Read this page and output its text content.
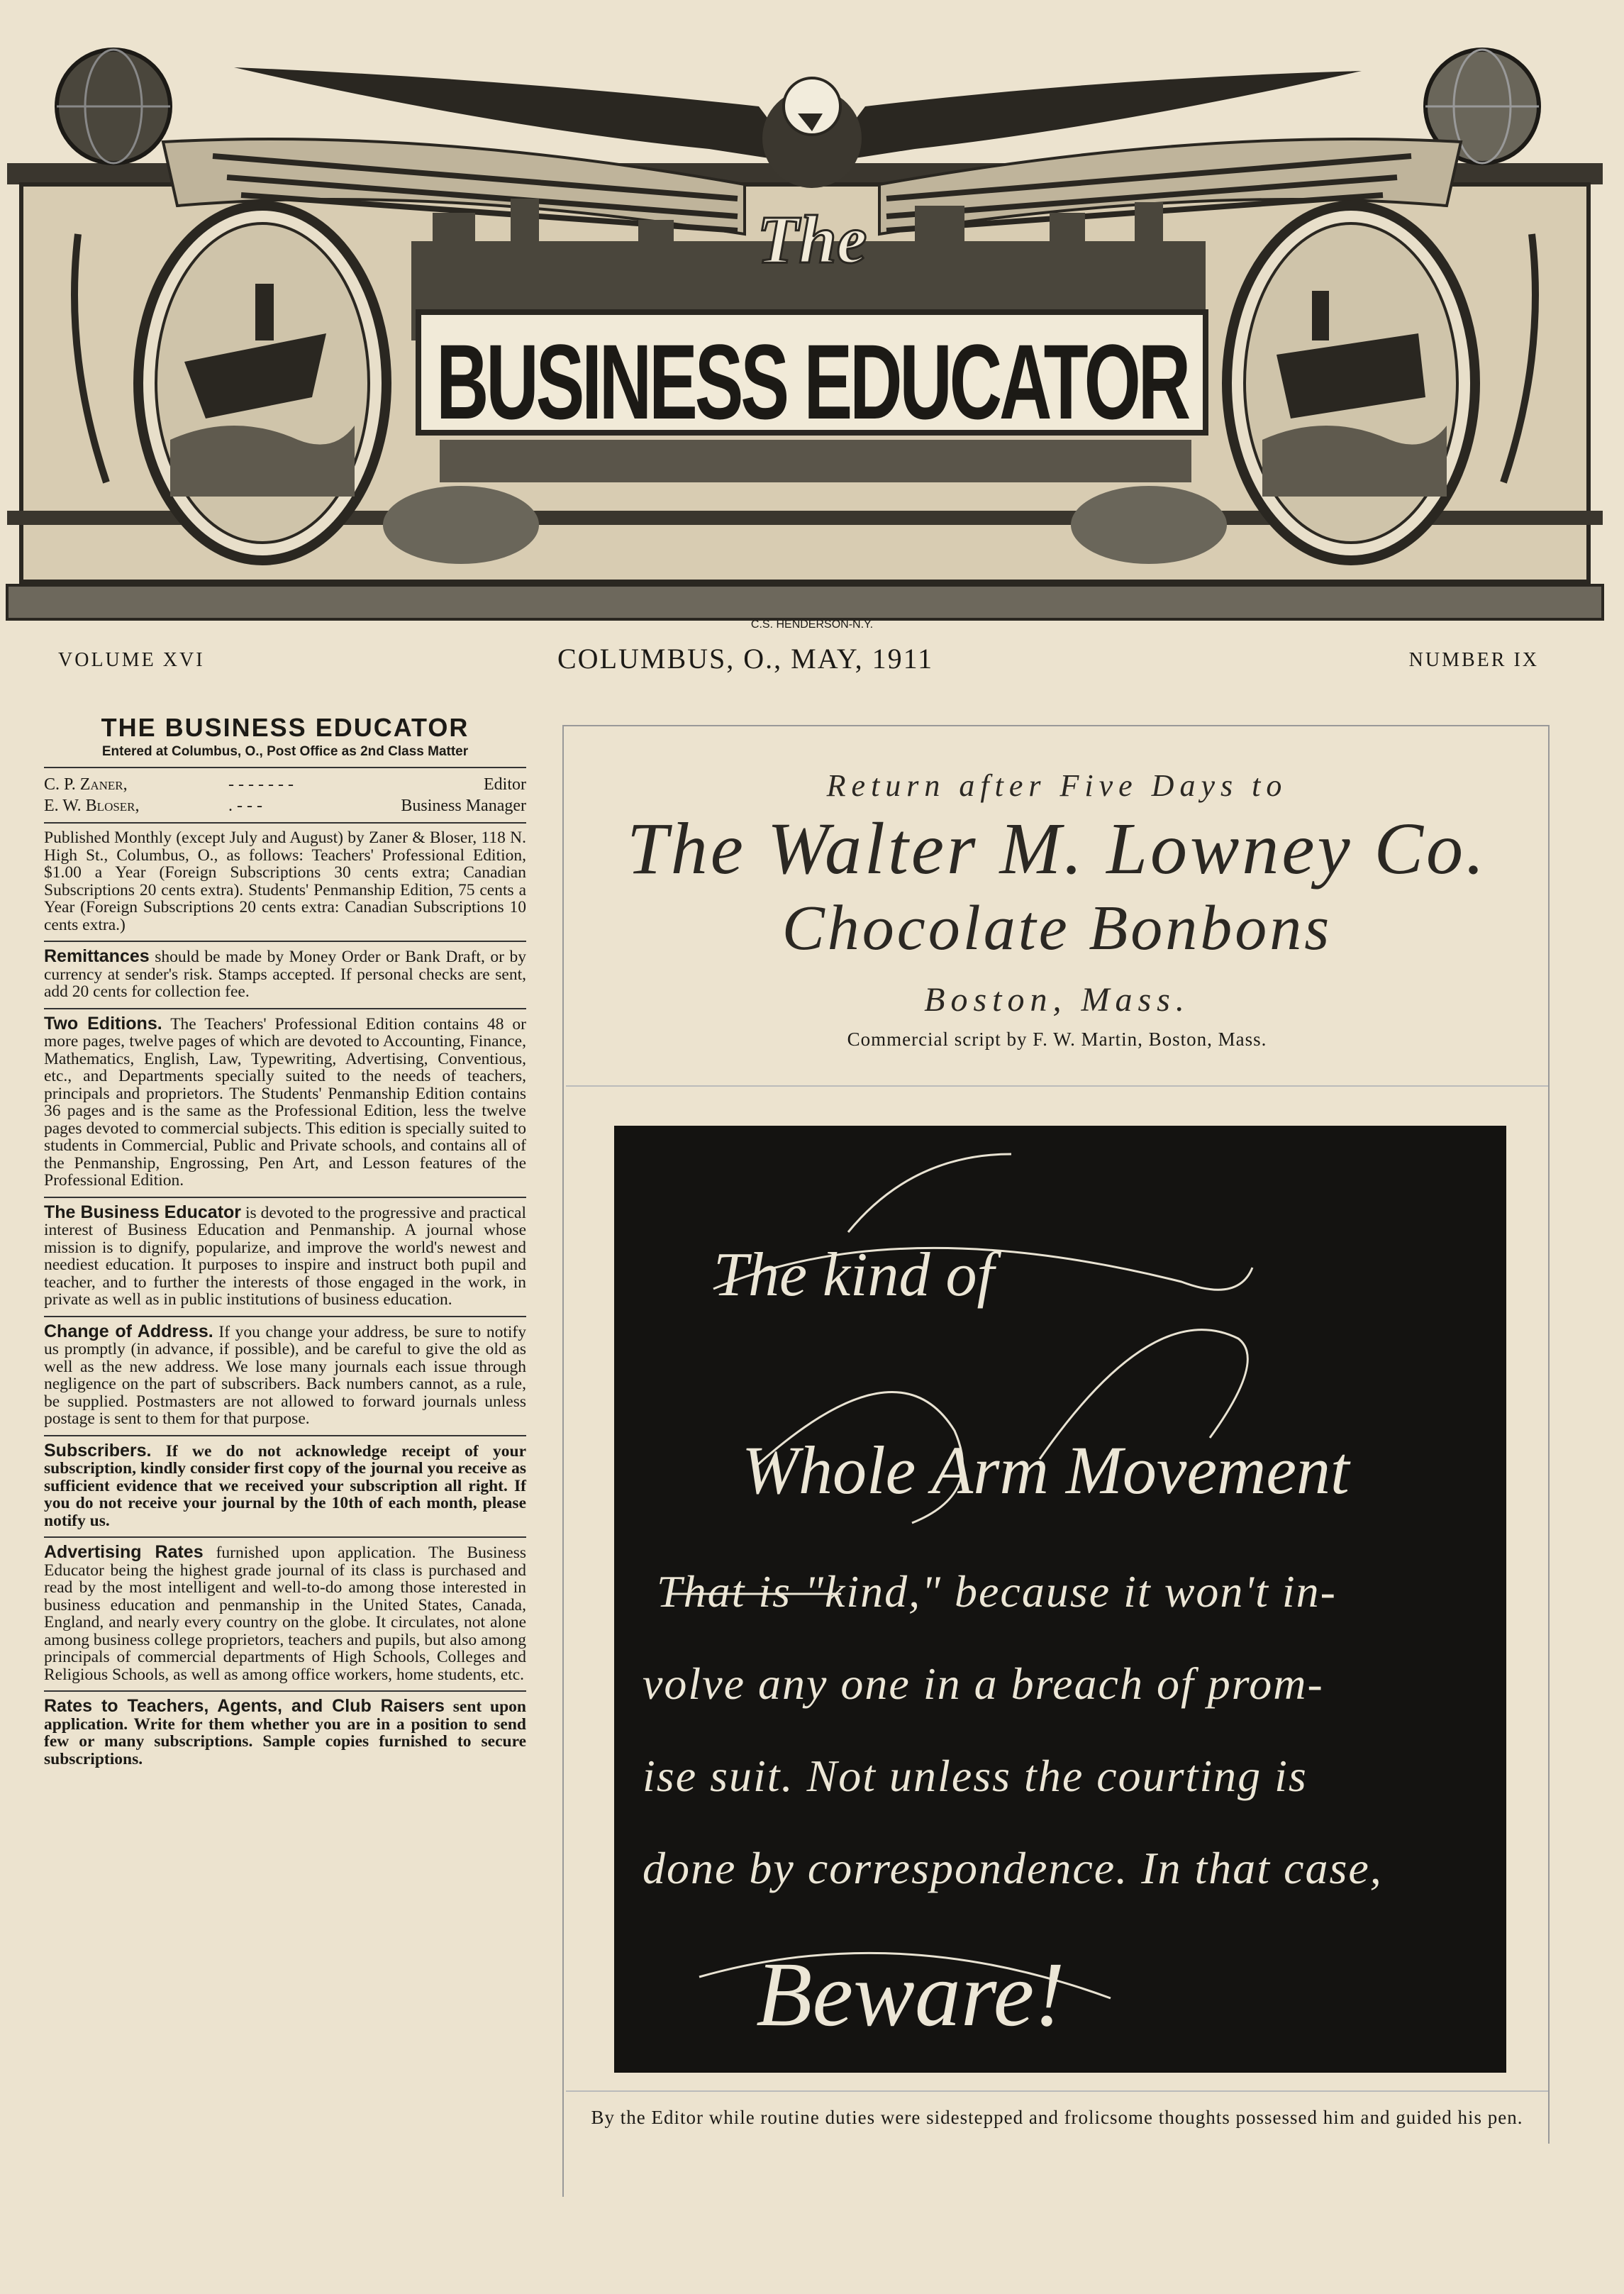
The
BUSINESS EDUCATOR
C.S. HENDERSON-N.Y.
VOLUME XVI	COLUMBUS, O., MAY, 1911	NUMBER IX
THE BUSINESS EDUCATOR
Entered at Columbus, O., Post Office as 2nd Class Matter
C. P. Zaner,	- - - - - - -	Editor
E. W. Bloser,	. - - -	Business Manager

Published Monthly (except July and August) by Zaner & Bloser, 118 N. High St., Columbus, O., as follows: Teachers' Professional Edition, $1.00 a Year (Foreign Subscriptions 30 cents extra; Canadian Subscriptions 20 cents extra). Students' Penmanship Edition, 75 cents a Year (Foreign Subscriptions 20 cents extra: Canadian Subscriptions 10 cents extra.)

Remittances should be made by Money Order or Bank Draft, or by currency at sender's risk. Stamps accepted. If personal checks are sent, add 20 cents for collection fee.

Two Editions. The Teachers' Professional Edition contains 48 or more pages, twelve pages of which are devoted to Accounting, Finance, Mathematics, English, Law, Typewriting, Advertising, Conventious, etc., and Departments specially suited to the needs of teachers, principals and proprietors. The Students' Penmanship Edition contains 36 pages and is the same as the Professional Edition, less the twelve pages devoted to commercial subjects. This edition is specially suited to students in Commercial, Public and Private schools, and contains all of the Penmanship, Engrossing, Pen Art, and Lesson features of the Professional Edition.

The Business Educator is devoted to the progressive and practical interest of Business Education and Penmanship. A journal whose mission is to dignify, popularize, and improve the world's newest and neediest education. It purposes to inspire and instruct both pupil and teacher, and to further the interests of those engaged in the work, in private as well as in public institutions of business education.

Change of Address. If you change your address, be sure to notify us promptly (in advance, if possible), and be careful to give the old as well as the new address. We lose many journals each issue through negligence on the part of subscribers. Back numbers cannot, as a rule, be supplied. Postmasters are not allowed to forward journals unless postage is sent to them for that purpose.

Subscribers. If we do not acknowledge receipt of your subscription, kindly consider first copy of the journal you receive as sufficient evidence that we received your subscription all right. If you do not receive your journal by the 10th of each month, please notify us.

Advertising Rates furnished upon application. The Business Educator being the highest grade journal of its class is purchased and read by the most intelligent and well-to-do among those interested in business education and penmanship in the United States, Canada, England, and nearly every country on the globe. It circulates, not alone among business college proprietors, teachers and pupils, but also among principals of commercial departments of High Schools, Colleges and Religious Schools, as well as among office workers, home students, etc.

Rates to Teachers, Agents, and Club Raisers sent upon application. Write for them whether you are in a position to send few or many subscriptions. Sample copies furnished to secure subscriptions.

Return after Five Days to
The Walter M. Lowney Co.
Chocolate Bonbons
Boston, Mass.
Commercial script by F. W. Martin, Boston, Mass.
The kind of
Whole Arm Movement
That is "kind," because it won't in-
volve any one in a breach of prom-
ise suit. Not unless the courting is
done by correspondence. In that case,
Beware!
By the Editor while routine duties were sidestepped and frolicsome thoughts possessed him and guided his pen.
